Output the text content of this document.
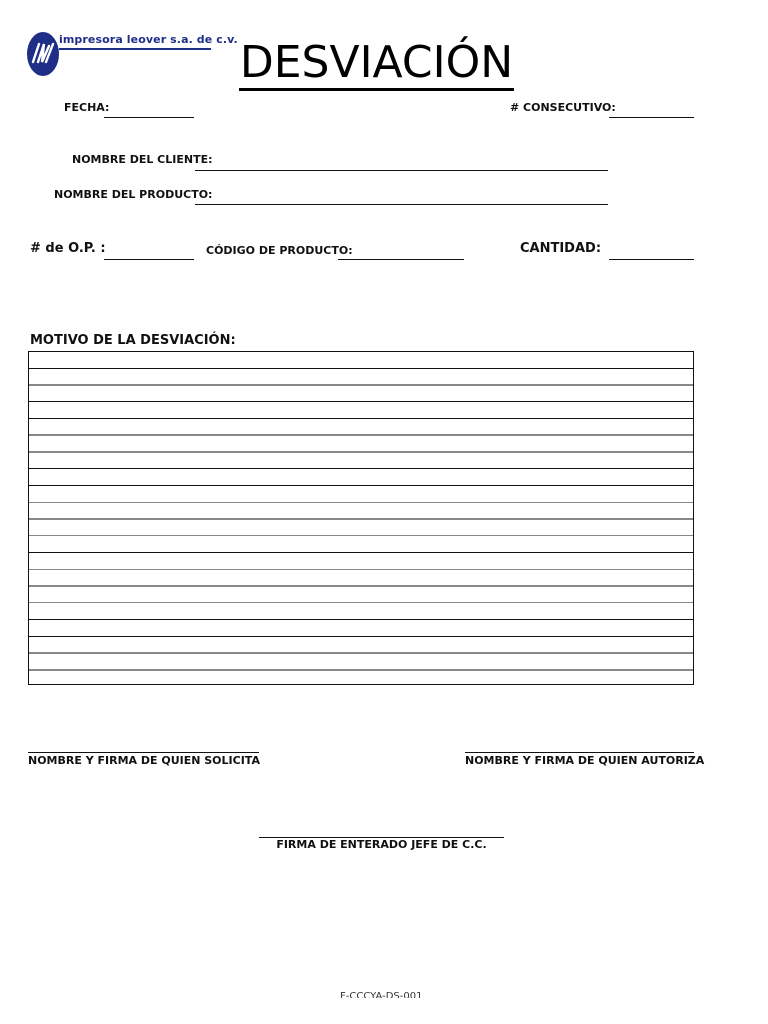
impresora leover s.a. de c.v. DESVIACIÓN
FECHA:	# CONSECUTIVO:
NOMBRE DEL CLIENTE:
NOMBRE DEL PRODUCTO:
# de O.P. :	CÓDIGO DE PRODUCTO:	CANTIDAD:
MOTIVO DE LA DESVIACIÓN:
NOMBRE Y FIRMA DE QUIEN SOLICITA	NOMBRE Y FIRMA DE QUIEN AUTORIZA
FIRMA DE ENTERADO JEFE DE C.C.
F-CCCYA-DS-001
